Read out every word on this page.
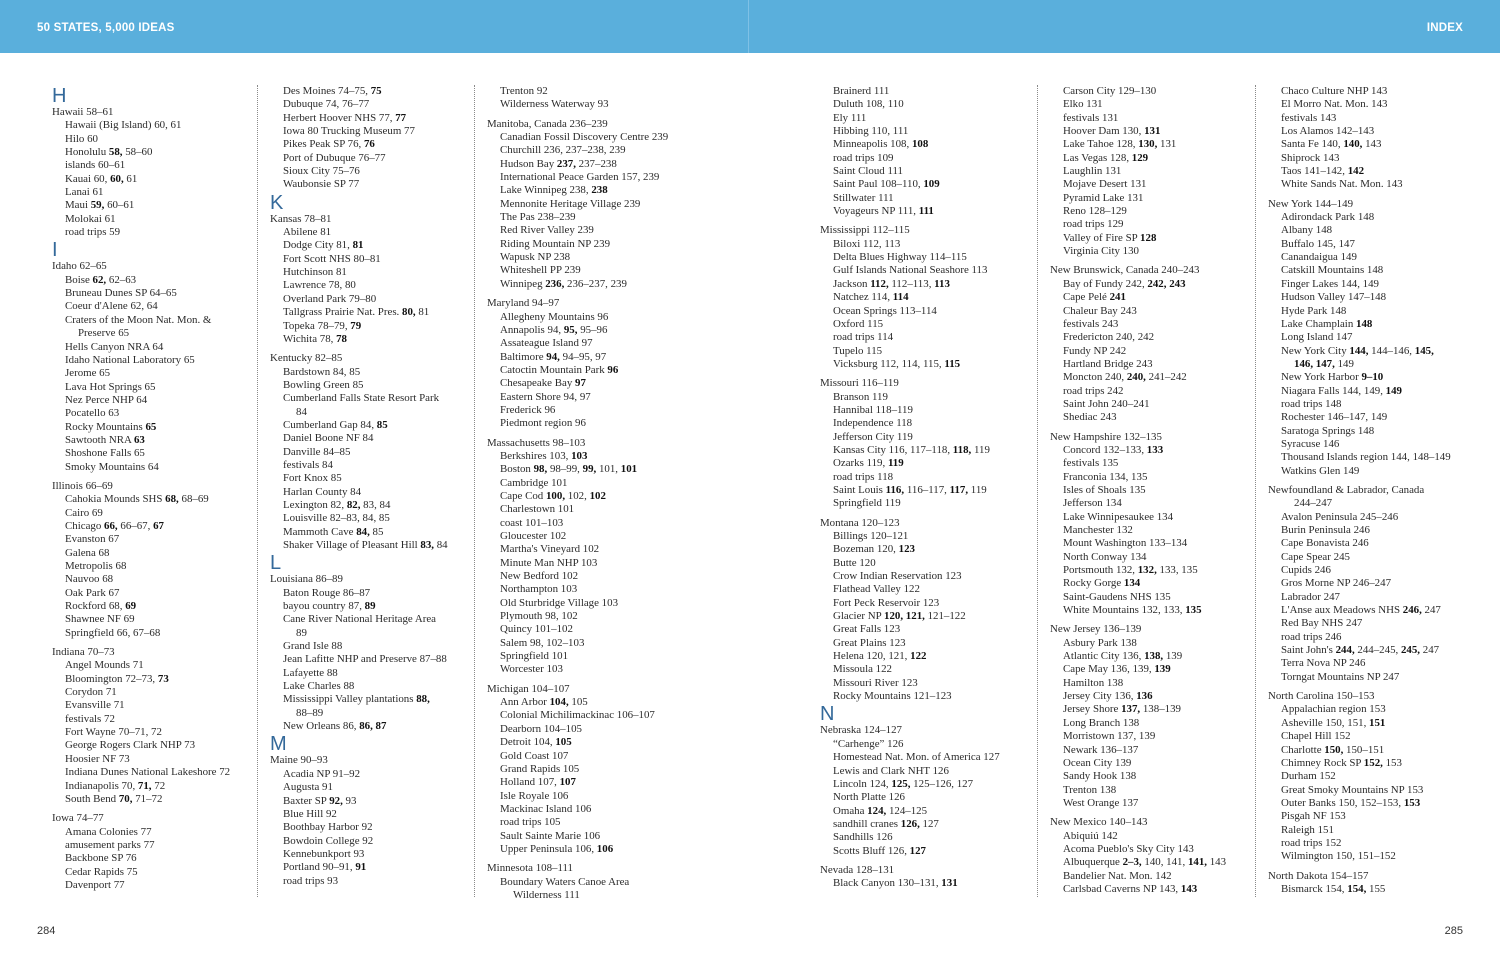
50 STATES, 5,000 IDEAS	INDEX
H
Hawaii 58–61
Hawaii (Big Island) 60, 61
Hilo 60
Honolulu 58, 58–60
islands 60–61
Kauai 60, 60, 61
Lanai 61
Maui 59, 60–61
Molokai 61
road trips 59
I
Idaho 62–65
Boise 62, 62–63
Bruneau Dunes SP 64–65
Coeur d'Alene 62, 64
Craters of the Moon Nat. Mon. &
Preserve 65
Hells Canyon NRA 64
Idaho National Laboratory 65
Jerome 65
Lava Hot Springs 65
Nez Perce NHP 64
Pocatello 63
Rocky Mountains 65
Sawtooth NRA 63
Shoshone Falls 65
Smoky Mountains 64
Illinois 66–69
Cahokia Mounds SHS 68, 68–69
Cairo 69
Chicago 66, 66–67, 67
Evanston 67
Galena 68
Metropolis 68
Nauvoo 68
Oak Park 67
Rockford 68, 69
Shawnee NF 69
Springfield 66, 67–68
Indiana 70–73
Angel Mounds 71
Bloomington 72–73, 73
Corydon 71
Evansville 71
festivals 72
Fort Wayne 70–71, 72
George Rogers Clark NHP 73
Hoosier NF 73
Indiana Dunes National Lakeshore 72
Indianapolis 70, 71, 72
South Bend 70, 71–72
Iowa 74–77
Amana Colonies 77
amusement parks 77
Backbone SP 76
Cedar Rapids 75
Davenport 77
Des Moines 74–75, 75
Dubuque 74, 76–77
Herbert Hoover NHS 77, 77
Iowa 80 Trucking Museum 77
Pikes Peak SP 76, 76
Port of Dubuque 76–77
Sioux City 75–76
Waubonsie SP 77
K
Kansas 78–81
Abilene 81
Dodge City 81, 81
Fort Scott NHS 80–81
Hutchinson 81
Lawrence 78, 80
Overland Park 79–80
Tallgrass Prairie Nat. Pres. 80, 81
Topeka 78–79, 79
Wichita 78, 78
Kentucky 82–85
Bardstown 84, 85
Bowling Green 85
Cumberland Falls State Resort Park
84
Cumberland Gap 84, 85
Daniel Boone NF 84
Danville 84–85
festivals 84
Fort Knox 85
Harlan County 84
Lexington 82, 82, 83, 84
Louisville 82–83, 84, 85
Mammoth Cave 84, 85
Shaker Village of Pleasant Hill 83, 84
L
Louisiana 86–89
Baton Rouge 86–87
bayou country 87, 89
Cane River National Heritage Area
89
Grand Isle 88
Jean Lafitte NHP and Preserve 87–88
Lafayette 88
Lake Charles 88
Mississippi Valley plantations 88,
88–89
New Orleans 86, 86, 87
M
Maine 90–93
Acadia NP 91–92
Augusta 91
Baxter SP 92, 93
Blue Hill 92
Boothbay Harbor 92
Bowdoin College 92
Kennebunkport 93
Portland 90–91, 91
road trips 93
Trenton 92
Wilderness Waterway 93
Manitoba, Canada 236–239
Canadian Fossil Discovery Centre 239
Churchill 236, 237–238, 239
Hudson Bay 237, 237–238
International Peace Garden 157, 239
Lake Winnipeg 238, 238
Mennonite Heritage Village 239
The Pas 238–239
Red River Valley 239
Riding Mountain NP 239
Wapusk NP 238
Whiteshell PP 239
Winnipeg 236, 236–237, 239
Maryland 94–97
Allegheny Mountains 96
Annapolis 94, 95, 95–96
Assateague Island 97
Baltimore 94, 94–95, 97
Catoctin Mountain Park 96
Chesapeake Bay 97
Eastern Shore 94, 97
Frederick 96
Piedmont region 96
Massachusetts 98–103
Berkshires 103, 103
Boston 98, 98–99, 99, 101, 101
Cambridge 101
Cape Cod 100, 102, 102
Charlestown 101
coast 101–103
Gloucester 102
Martha's Vineyard 102
Minute Man NHP 103
New Bedford 102
Northampton 103
Old Sturbridge Village 103
Plymouth 98, 102
Quincy 101–102
Salem 98, 102–103
Springfield 101
Worcester 103
Michigan 104–107
Ann Arbor 104, 105
Colonial Michilimackinac 106–107
Dearborn 104–105
Detroit 104, 105
Gold Coast 107
Grand Rapids 105
Holland 107, 107
Isle Royale 106
Mackinac Island 106
road trips 105
Sault Sainte Marie 106
Upper Peninsula 106, 106
Minnesota 108–111
Boundary Waters Canoe Area
Wilderness 111
Brainerd 111
Duluth 108, 110
Ely 111
Hibbing 110, 111
Minneapolis 108, 108
road trips 109
Saint Cloud 111
Saint Paul 108–110, 109
Stillwater 111
Voyageurs NP 111, 111
Mississippi 112–115
Biloxi 112, 113
Delta Blues Highway 114–115
Gulf Islands National Seashore 113
Jackson 112, 112–113, 113
Natchez 114, 114
Ocean Springs 113–114
Oxford 115
road trips 114
Tupelo 115
Vicksburg 112, 114, 115, 115
Missouri 116–119
Branson 119
Hannibal 118–119
Independence 118
Jefferson City 119
Kansas City 116, 117–118, 118, 119
Ozarks 119, 119
road trips 118
Saint Louis 116, 116–117, 117, 119
Springfield 119
Montana 120–123
Billings 120–121
Bozeman 120, 123
Butte 120
Crow Indian Reservation 123
Flathead Valley 122
Fort Peck Reservoir 123
Glacier NP 120, 121, 121–122
Great Falls 123
Great Plains 123
Helena 120, 121, 122
Missoula 122
Missouri River 123
Rocky Mountains 121–123
N
Nebraska 124–127
“Carhenge” 126
Homestead Nat. Mon. of America 127
Lewis and Clark NHT 126
Lincoln 124, 125, 125–126, 127
North Platte 126
Omaha 124, 124–125
sandhill cranes 126, 127
Sandhills 126
Scotts Bluff 126, 127
Nevada 128–131
Black Canyon 130–131, 131
Carson City 129–130
Elko 131
festivals 131
Hoover Dam 130, 131
Lake Tahoe 128, 130, 131
Las Vegas 128, 129
Laughlin 131
Mojave Desert 131
Pyramid Lake 131
Reno 128–129
road trips 129
Valley of Fire SP 128
Virginia City 130
New Brunswick, Canada 240–243
Bay of Fundy 242, 242, 243
Cape Pelé 241
Chaleur Bay 243
festivals 243
Fredericton 240, 242
Fundy NP 242
Hartland Bridge 243
Moncton 240, 240, 241–242
road trips 242
Saint John 240–241
Shediac 243
New Hampshire 132–135
Concord 132–133, 133
festivals 135
Franconia 134, 135
Isles of Shoals 135
Jefferson 134
Lake Winnipesaukee 134
Manchester 132
Mount Washington 133–134
North Conway 134
Portsmouth 132, 132, 133, 135
Rocky Gorge 134
Saint-Gaudens NHS 135
White Mountains 132, 133, 135
New Jersey 136–139
Asbury Park 138
Atlantic City 136, 138, 139
Cape May 136, 139, 139
Hamilton 138
Jersey City 136, 136
Jersey Shore 137, 138–139
Long Branch 138
Morristown 137, 139
Newark 136–137
Ocean City 139
Sandy Hook 138
Trenton 138
West Orange 137
New Mexico 140–143
Abiquiú 142
Acoma Pueblo's Sky City 143
Albuquerque 2–3, 140, 141, 141, 143
Bandelier Nat. Mon. 142
Carlsbad Caverns NP 143, 143
Chaco Culture NHP 143
El Morro Nat. Mon. 143
festivals 143
Los Alamos 142–143
Santa Fe 140, 140, 143
Shiprock 143
Taos 141–142, 142
White Sands Nat. Mon. 143
New York 144–149
Adirondack Park 148
Albany 148
Buffalo 145, 147
Canandaigua 149
Catskill Mountains 148
Finger Lakes 144, 149
Hudson Valley 147–148
Hyde Park 148
Lake Champlain 148
Long Island 147
New York City 144, 144–146, 145,
146, 147, 149
New York Harbor 9–10
Niagara Falls 144, 149, 149
road trips 148
Rochester 146–147, 149
Saratoga Springs 148
Syracuse 146
Thousand Islands region 144, 148–149
Watkins Glen 149
Newfoundland & Labrador, Canada
244–247
Avalon Peninsula 245–246
Burin Peninsula 246
Cape Bonavista 246
Cape Spear 245
Cupids 246
Gros Morne NP 246–247
Labrador 247
L'Anse aux Meadows NHS 246, 247
Red Bay NHS 247
road trips 246
Saint John's 244, 244–245, 245, 247
Terra Nova NP 246
Torngat Mountains NP 247
North Carolina 150–153
Appalachian region 153
Asheville 150, 151, 151
Chapel Hill 152
Charlotte 150, 150–151
Chimney Rock SP 152, 153
Durham 152
Great Smoky Mountains NP 153
Outer Banks 150, 152–153, 153
Pisgah NF 153
Raleigh 151
road trips 152
Wilmington 150, 151–152
North Dakota 154–157
Bismarck 154, 154, 155
284	285
